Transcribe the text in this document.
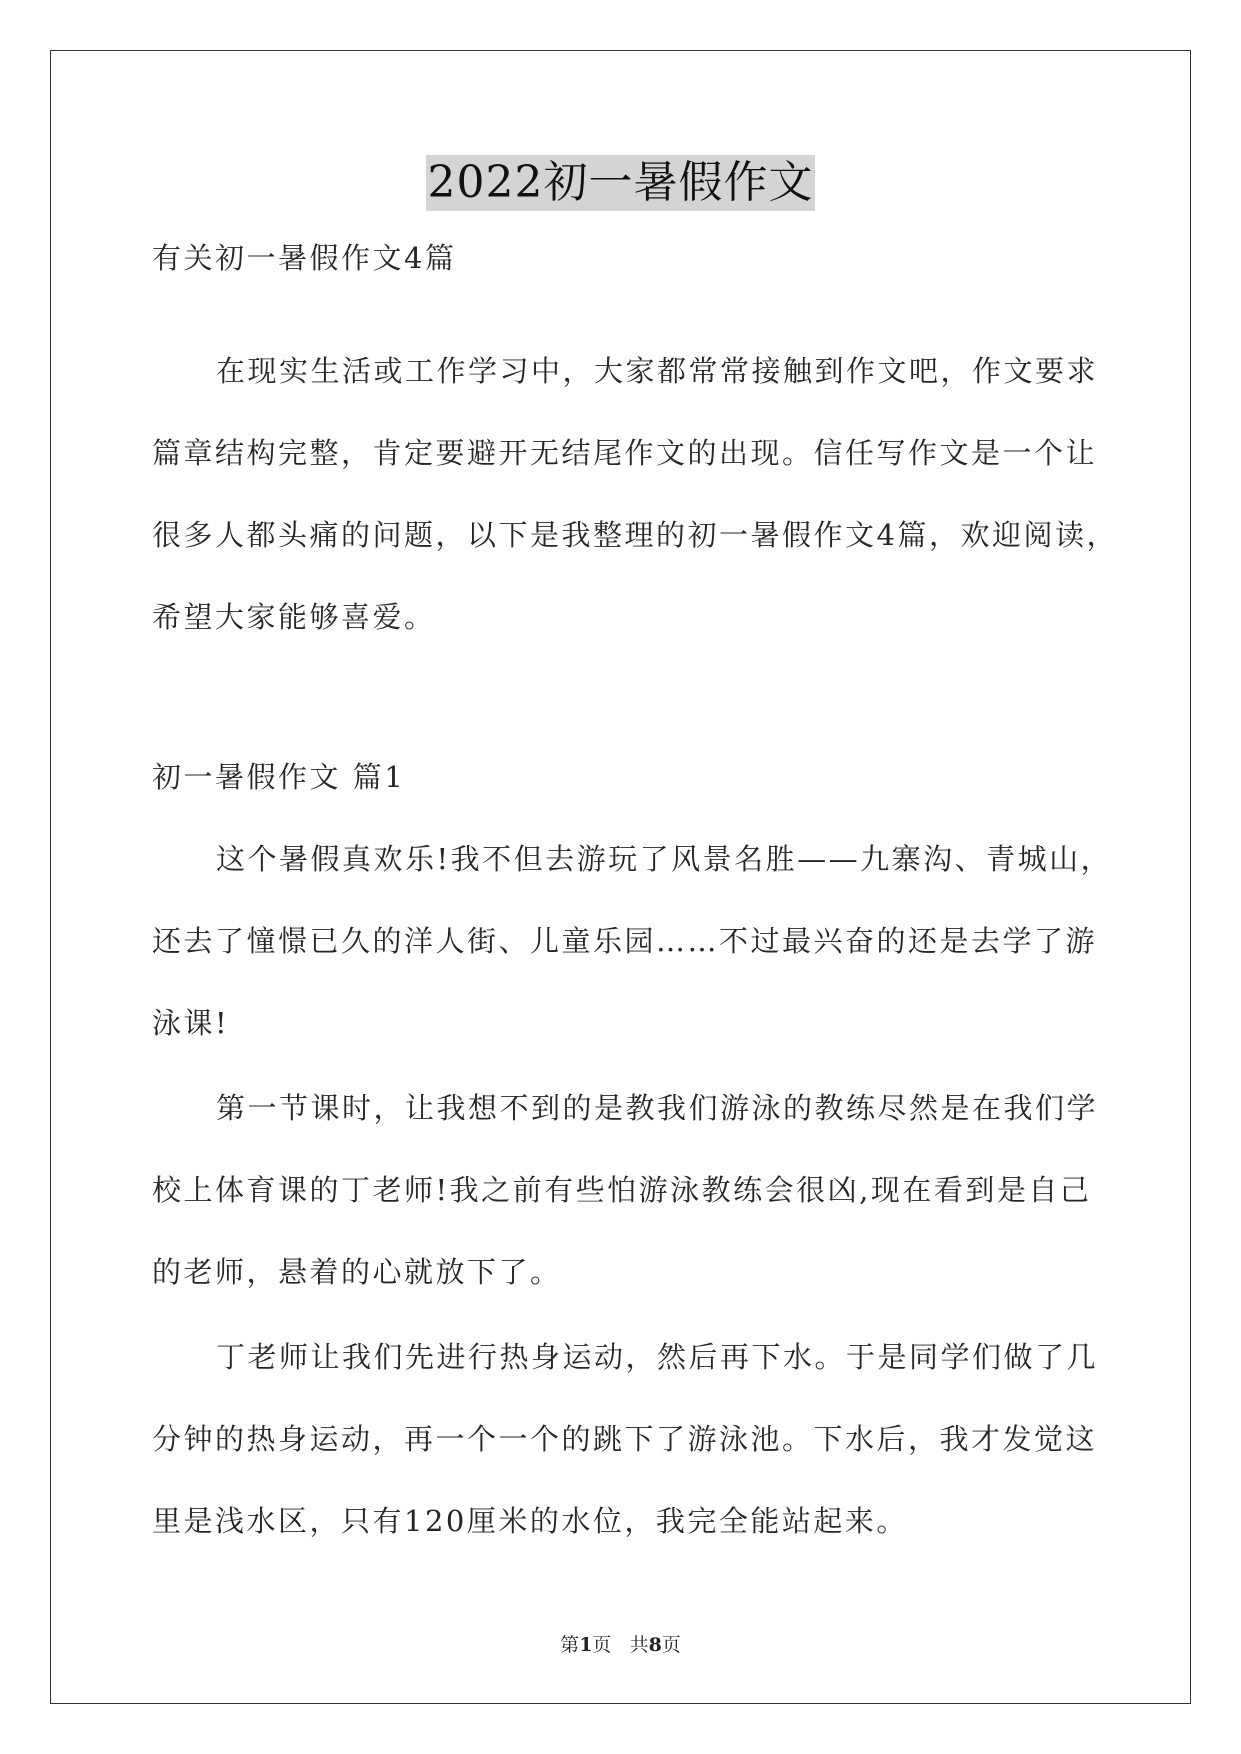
2022初一暑假作文
有关初一暑假作文4篇
在现实生活或工作学习中，大家都常常接触到作文吧，作文要求
篇章结构完整，肯定要避开无结尾作文的出现。信任写作文是一个让
很多人都头痛的问题，以下是我整理的初一暑假作文4篇，欢迎阅读，
希望大家能够喜爱。
初一暑假作文 篇1
这个暑假真欢乐!我不但去游玩了风景名胜——九寨沟、青城山，
还去了憧憬已久的洋人街、儿童乐园……不过最兴奋的还是去学了游
泳课!
第一节课时，让我想不到的是教我们游泳的教练尽然是在我们学
校上体育课的丁老师!我之前有些怕游泳教练会很凶,现在看到是自己
的老师，悬着的心就放下了。
丁老师让我们先进行热身运动，然后再下水。于是同学们做了几
分钟的热身运动，再一个一个的跳下了游泳池。下水后，我才发觉这
里是浅水区，只有120厘米的水位，我完全能站起来。
第1页 共8页
